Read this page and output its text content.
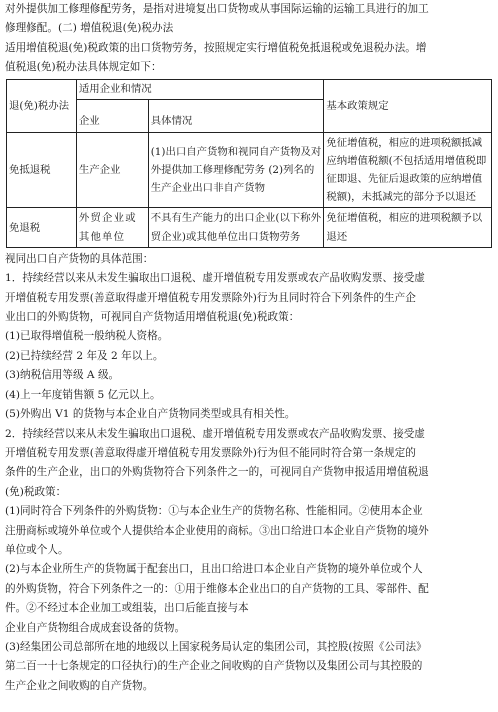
对外提供加工修理修配劳务，是指对进境复出口货物或从事国际运输的运输工具进行的加工

修理修配。(二) 增值税退(免)税办法

适用增值税退(免)税政策的出口货物劳务，按照规定实行增值税免抵退税或免退税办法。增

值税退(免)税办法具体规定如下：

退(免)税办法	适用企业和情况		基本政策规定
	企业	具体情况	
免抵退税	生产企业	(1)出口自产货物和视同自产货物及对外提供加工修理修配劳务 (2)列名的生产企业出口非自产货物	免征增值税，相应的进项税额抵减应纳增值税额(不包括适用增值税即征即退、先征后退政策的应纳增值税额)，未抵减完的部分予以退还
免退税	外贸企业或其他单位	不具有生产能力的出口企业(以下称外贸企业)或其他单位出口货物劳务	免征增值税，相应的进项税额予以退还

视同出口自产货物的具体范围：

1．持续经营以来从未发生骗取出口退税、虚开增值税专用发票或农产品收购发票、接受虚

开增值税专用发票(善意取得虚开增值税专用发票除外)行为且同时符合下列条件的生产企

业出口的外购货物，可视同自产货物适用增值税退(免)税政策：

(1)已取得增值税一般纳税人资格。

(2)已持续经营 2 年及 2 年以上。

(3)纳税信用等级 A 级。

(4)上一年度销售额 5 亿元以上。

(5)外购出 V1 的货物与本企业自产货物同类型或具有相关性。

2．持续经营以来从未发生骗取出口退税、虚开增值税专用发票或农产品收购发票、接受虚

开增值税专用发票(善意取得虚开增值税专用发票除外)行为但不能同时符合第一条规定的

条件的生产企业，出口的外购货物符合下列条件之一的，可视同自产货物申报适用增值税退

(免)税政策：

(1)同时符合下列条件的外购货物：①与本企业生产的货物名称、性能相同。②使用本企业

注册商标或境外单位或个人提供给本企业使用的商标。③出口给进口本企业自产货物的境外

单位或个人。

(2)与本企业所生产的货物属于配套出口，且出口给进口本企业自产货物的境外单位或个人

的外购货物，符合下列条件之一的：①用于维修本企业出口的自产货物的工具、零部件、配

件。②不经过本企业加工或组装，出口后能直接与本

企业自产货物组合成成套设备的货物。

(3)经集团公司总部所在地的地级以上国家税务局认定的集团公司，其控股(按照《公司法》

第二百一十七条规定的口径执行)的生产企业之间收购的自产货物以及集团公司与其控股的

生产企业之间收购的自产货物。
